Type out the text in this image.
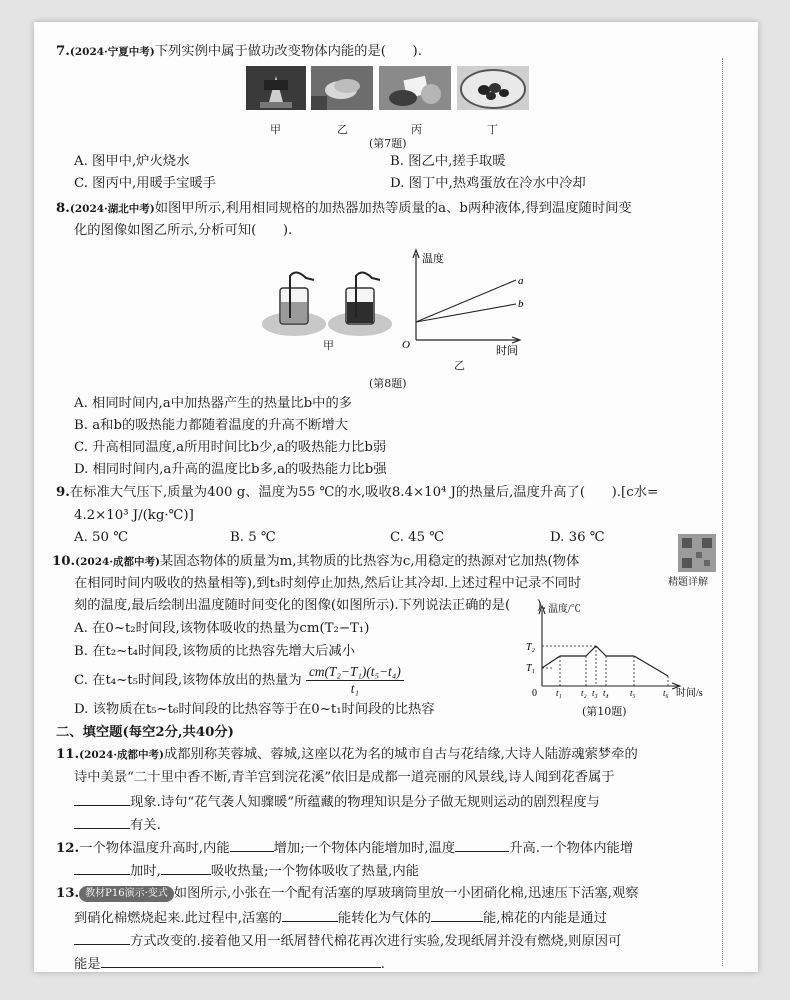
7.(2024·宁夏中考)下列实例中属于做功改变物体内能的是(　　).
甲	乙	丙	丁
(第7题)
A. 图甲中,炉火烧水	B. 图乙中,搓手取暖
C. 图丙中,用暖手宝暖手	D. 图丁中,热鸡蛋放在冷水中冷却
8.(2024·湖北中考)如图甲所示,利用相同规格的加热器加热等质量的a、b两种液体,得到温度随时间变
化的图像如图乙所示,分析可知(　　).
甲
温度
a
b
O	时间
乙
(第8题)
A. 相同时间内,a中加热器产生的热量比b中的多
B. a和b的吸热能力都随着温度的升高不断增大
C. 升高相同温度,a所用时间比b少,a的吸热能力比b弱
D. 相同时间内,a升高的温度比b多,a的吸热能力比b强
9.在标准大气压下,质量为400 g、温度为55 ℃的水,吸收8.4×10⁴ J的热量后,温度升高了(　　).[c水=
4.2×10³ J/(kg·℃)]
A. 50 ℃	B. 5 ℃	C. 45 ℃	D. 36 ℃
10.(2024·成都中考)某固态物体的质量为m,其物质的比热容为c,用稳定的热源对它加热(物体
在相同时间内吸收的热量相等),到t₃时刻停止加热,然后让其冷却.上述过程中记录不同时
刻的温度,最后绘制出温度随时间变化的图像(如图所示).下列说法正确的是(　　).
精题详解
A. 在0~t₂时间段,该物体吸收的热量为cm(T₂−T₁)
B. 在t₂~t₄时间段,该物质的比热容先增大后减小
C. 在t₄~t₅时间段,该物体放出的热量为 $\frac{\text{cm(T₂−T₁)(t₅−t₄)}}{\text{t₁}}$
D. 该物质在t₅~t₆时间段的比热容等于在0~t₁时间段的比热容
温度/℃
T₂
T₁
0 t₁ t₂ t₃ t₄ t₅	t₆ 时间/s
(第10题)
二、填空题(每空2分,共40分)
11.(2024·成都中考)成都别称芙蓉城、蓉城,这座以花为名的城市自古与花结缘,大诗人陆游魂萦梦牵的
诗中美景“二十里中香不断,青羊宫到浣花溪”依旧是成都一道亮丽的风景线,诗人闻到花香属于
现象.诗句“花气袭人知骤暖”所蕴藏的物理知识是分子做无规则运动的剧烈程度与
有关.
12.一个物体温度升高时,内能	增加;一个物体内能增加时,温度	升高.一个物体内能增
加时,	吸收热量;一个物体吸收了热量,内能
13. 教材P16演示·变式 如图所示,小张在一个配有活塞的厚玻璃筒里放一小团硝化棉,迅速压下活塞,观察
到硝化棉燃烧起来.此过程中,活塞的	能转化为气体的	能,棉花的内能是通过
方式改变的.接着他又用一纸屑替代棉花再次进行实验,发现纸屑并没有燃烧,则原因可
能是	.
